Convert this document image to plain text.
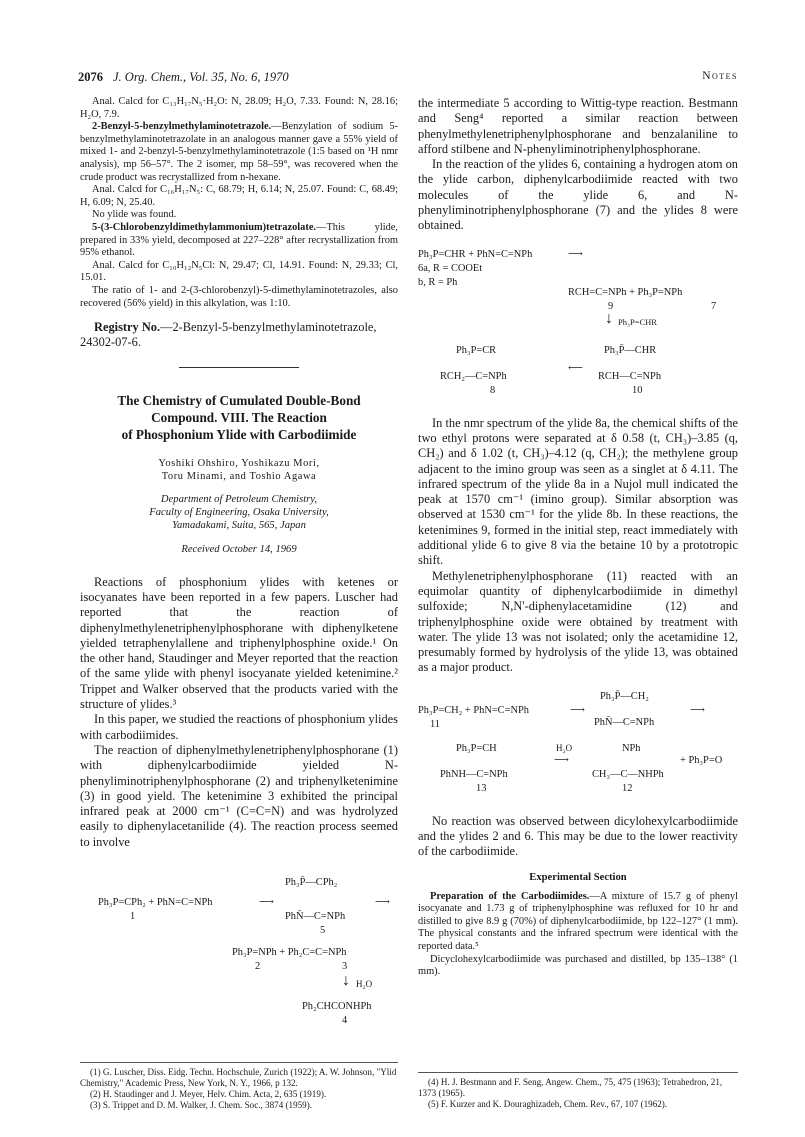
2076 J. Org. Chem., Vol. 35, No. 6, 1970	Notes

Anal. Calcd for C₁₃H₁₇N₅·H₂O: N, 28.09; H₂O, 7.33. Found: N, 28.16; H₂O, 7.9.

2-Benzyl-5-benzylmethylaminotetrazole.—Benzylation of sodium 5-benzylmethylaminotetrazolate in an analogous manner gave a 55% yield of mixed 1- and 2-benzyl-5-benzylmethylaminotetrazole (1:5 based on ¹H nmr analysis), mp 56–57°. The 2 isomer, mp 58–59°, was recovered when the crude product was recrystallized from n-hexane.

Anal. Calcd for C₁₆H₁₇N₅: C, 68.79; H, 6.14; N, 25.07. Found: C, 68.49; H, 6.09; N, 25.40.

No ylide was found.

5-(3-Chlorobenzyldimethylammonium)tetrazolate.—This ylide, prepared in 33% yield, decomposed at 227–228° after recrystallization from 95% ethanol.

Anal. Calcd for C₁₀H₁₂N₅Cl: N, 29.47; Cl, 14.91. Found: N, 29.33; Cl, 15.01.

The ratio of 1- and 2-(3-chlorobenzyl)-5-dimethylaminotetrazoles, also recovered (56% yield) in this alkylation, was 1:10.

Registry No.—2-Benzyl-5-benzylmethylaminotetrazole, 24302-07-6.

The Chemistry of Cumulated Double-Bond
Compound. VIII. The Reaction
of Phosphonium Ylide with Carbodiimide
Yoshiki Ohshiro, Yoshikazu Mori,
Toru Minami, and Toshio Agawa
Department of Petroleum Chemistry,
Faculty of Engineering, Osaka University,
Yamadakami, Suita, 565, Japan
Received October 14, 1969

Reactions of phosphonium ylides with ketenes or isocyanates have been reported in a few papers. Luscher had reported that the reaction of diphenylmethylenetriphenylphosphorane with diphenylketene yielded tetraphenylallene and triphenylphosphine oxide.¹ On the other hand, Staudinger and Meyer reported that the reaction of the same ylide with phenyl isocyanate yielded ketenimine.² Trippet and Walker observed that the products varied with the structure of ylides.³

In this paper, we studied the reactions of phosphonium ylides with carbodiimides.

The reaction of diphenylmethylenetriphenylphosphorane (1) with diphenylcarbodiimide yielded N-phenyliminotriphenylphosphorane (2) and triphenylketenimine (3) in good yield. The ketenimine 3 exhibited the principal infrared peak at 2000 cm⁻¹ (C=C=N) and was hydrolyzed easily to diphenylacetanilide (4). The reaction process seemed to involve

Ph₃P=CPh₂ + PhN=C=NPh	⟶
1
Ph₃P̄—CPh₂
PhN̄—C=NPh
5
⟶
Ph₃P=NPh + Ph₂C=C=NPh
2	3
↓ H₂O
Ph₂CHCONHPh
4

(1) G. Luscher, Diss. Eidg. Techn. Hochschule, Zurich (1922); A. W. Johnson, "Ylid Chemistry," Academic Press, New York, N. Y., 1966, p 132.

(2) H. Staudinger and J. Meyer, Helv. Chim. Acta, 2, 635 (1919).

(3) S. Trippet and D. M. Walker, J. Chem. Soc., 3874 (1959).

the intermediate 5 according to Wittig-type reaction. Bestmann and Seng⁴ reported a similar reaction between phenylmethylenetriphenylphosphorane and benzalaniline to afford stilbene and N-phenyliminotriphenylphosphorane.

In the reaction of the ylides 6, containing a hydrogen atom on the ylide carbon, diphenylcarbodiimide reacted with two molecules of the ylide 6, and N-phenyliminotriphenylphosphorane (7) and the ylides 8 were obtained.

Ph₃P=CHR + PhN=C=NPh	⟶
6a, R = COOEt
b, R = Ph
RCH=C=NPh + Ph₃P=NPh
9	7
↓ Ph₃P=CHR
Ph₃P=CR
RCH₂—C=NPh
8
⟵
Ph₃P̄—CHR
RCH—C=NPh
10

In the nmr spectrum of the ylide 8a, the chemical shifts of the two ethyl protons were separated at δ 0.58 (t, CH₃)–3.85 (q, CH₂) and δ 1.02 (t, CH₃)–4.12 (q, CH₂); the methylene group adjacent to the imino group was seen as a singlet at δ 4.11. The infrared spectrum of the ylide 8a in a Nujol mull indicated the peak at 1570 cm⁻¹ (imino group). Similar absorption was observed at 1530 cm⁻¹ for the ylide 8b. In these reactions, the ketenimines 9, formed in the initial step, react immediately with additional ylide 6 to give 8 via the betaine 10 by a prototropic shift.

Methylenetriphenylphosphorane (11) reacted with an equimolar quantity of diphenylcarbodiimide in dimethyl sulfoxide; N,N'-diphenylacetamidine (12) and triphenylphosphine oxide were obtained by treatment with water. The ylide 13 was not isolated; only the acetamidine 12, presumably formed by hydrolysis of the ylide 13, was obtained as a major product.

Ph₃P=CH₂ + PhN=C=NPh	⟶
11
Ph₃P̄—CH₂
PhN̄—C=NPh
⟶
Ph₃P=CH
PhNH—C=NPh
13
H₂O
⟶
NPh
CH₃—C—NHPh
12
+ Ph₃P=O

No reaction was observed between dicylohexylcarbodiimide and the ylides 2 and 6. This may be due to the lower reactivity of the carbodiimide.

Experimental Section

Preparation of the Carbodiimides.—A mixture of 15.7 g of phenyl isocyanate and 1.73 g of triphenylphosphine was refluxed for 10 hr and distilled to give 8.9 g (70%) of diphenylcarbodiimide, bp 122–127° (1 mm). The physical constants and the infrared spectrum were identical with the reported data.⁵

Dicyclohexylcarbodiimide was purchased and distilled, bp 135–138° (1 mm).

(4) H. J. Bestmann and F. Seng, Angew. Chem., 75, 475 (1963); Tetrahedron, 21, 1373 (1965).

(5) F. Kurzer and K. Douraghizadeh, Chem. Rev., 67, 107 (1962).
